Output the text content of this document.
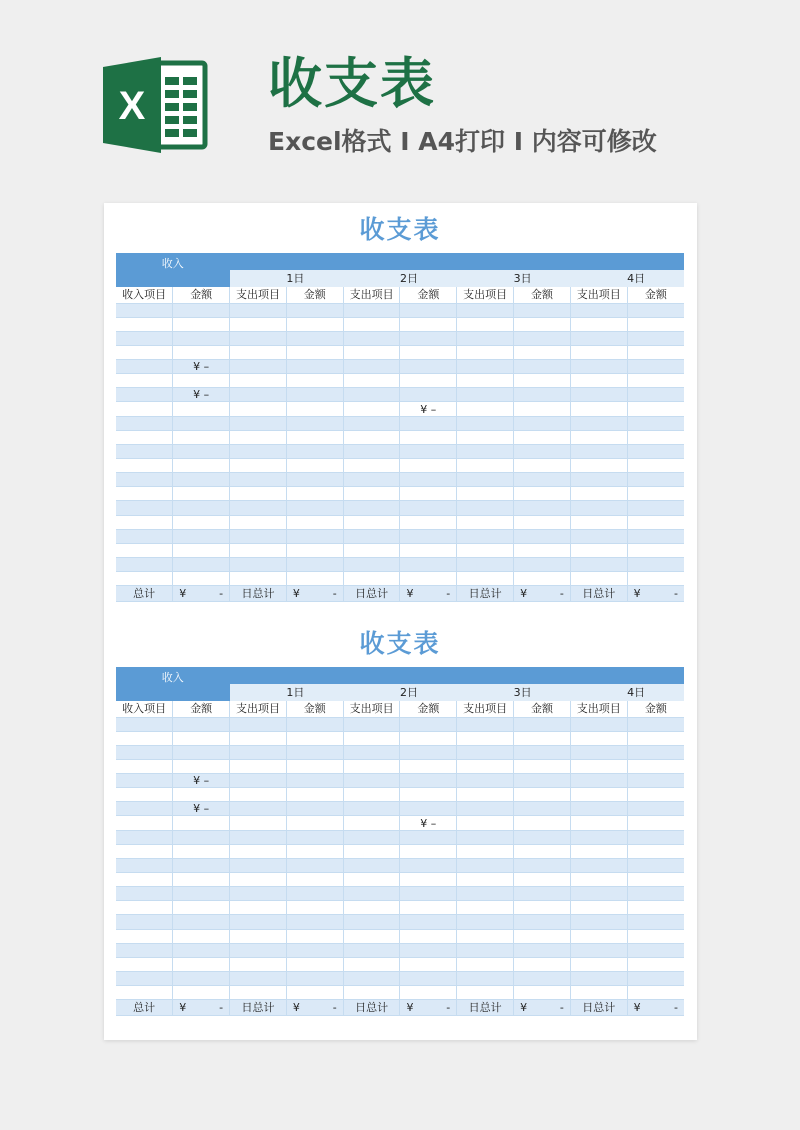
X 收支表
Excel格式 I A4打印 I 内容可修改
收支表
收入									
			1日		2日		3日		4日
收入项目	金额	支出项目	金额	支出项目	金额	支出项目	金额	支出项目	金额

	¥ –								

	¥ –								
					¥ –				

总计	¥ -	日总计	¥ -	日总计	¥ -	日总计	¥ -	日总计	¥ -
收支表
收入									
			1日		2日		3日		4日
收入项目	金额	支出项目	金额	支出项目	金额	支出项目	金额	支出项目	金额

	¥ –								

	¥ –								
					¥ –				

总计	¥ -	日总计	¥ -	日总计	¥ -	日总计	¥ -	日总计	¥ -
